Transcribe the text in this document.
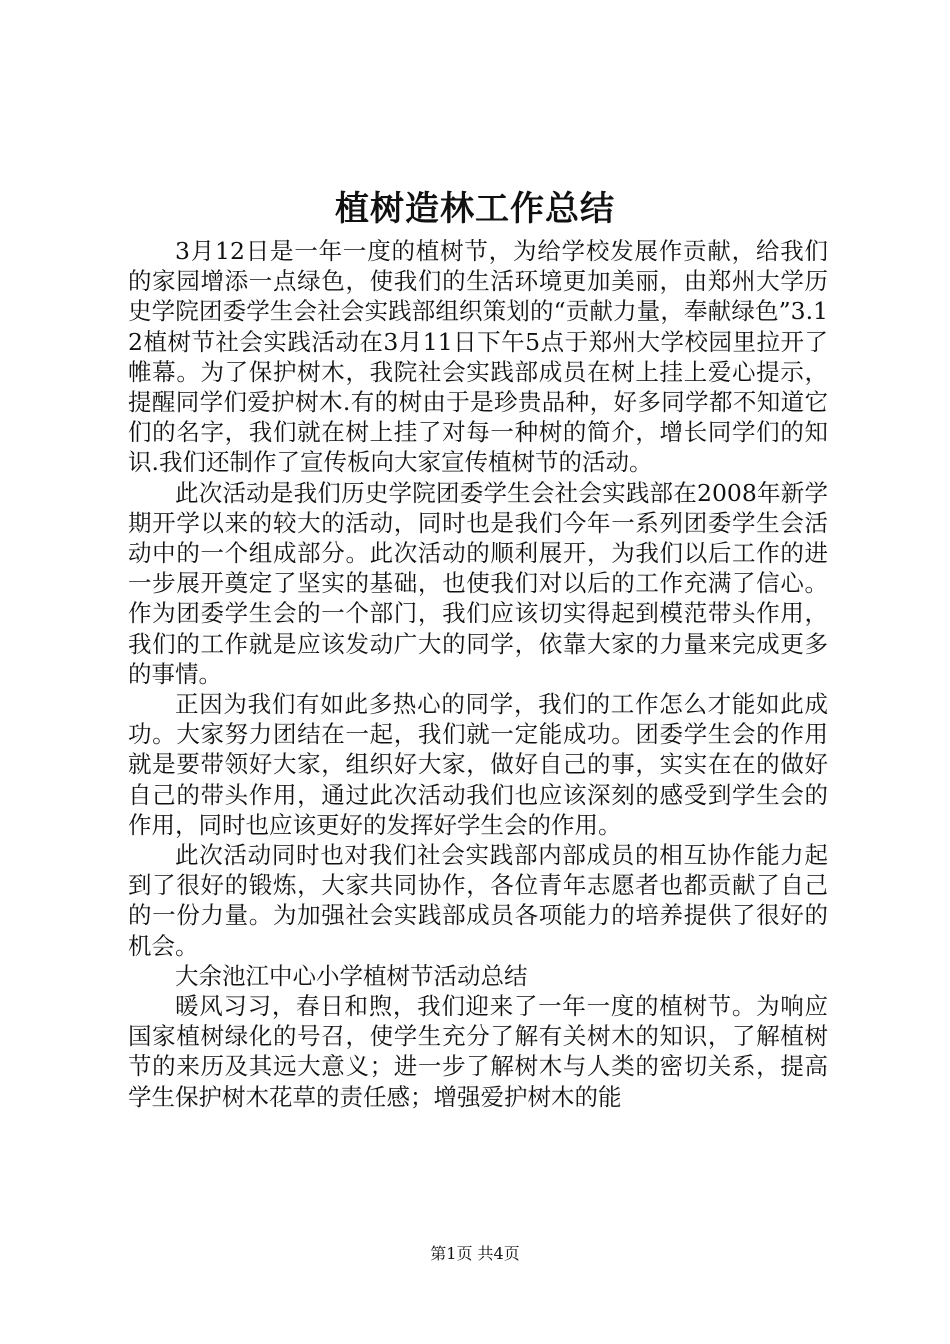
植树造林工作总结

3月12日是一年一度的植树节，为给学校发展作贡献，给我们的家园增添一点绿色，使我们的生活环境更加美丽，由郑州大学历史学院团委学生会社会实践部组织策划的“贡献力量，奉献绿色”3.12植树节社会实践活动在3月11日下午5点于郑州大学校园里拉开了帷幕。为了保护树木，我院社会实践部成员在树上挂上爱心提示，提醒同学们爱护树木.有的树由于是珍贵品种，好多同学都不知道它们的名字，我们就在树上挂了对每一种树的简介，增长同学们的知识.我们还制作了宣传板向大家宣传植树节的活动。

此次活动是我们历史学院团委学生会社会实践部在2008年新学期开学以来的较大的活动，同时也是我们今年一系列团委学生会活动中的一个组成部分。此次活动的顺利展开，为我们以后工作的进一步展开奠定了坚实的基础，也使我们对以后的工作充满了信心。作为团委学生会的一个部门，我们应该切实得起到模范带头作用，我们的工作就是应该发动广大的同学，依靠大家的力量来完成更多的事情。

正因为我们有如此多热心的同学，我们的工作怎么才能如此成功。大家努力团结在一起，我们就一定能成功。团委学生会的作用就是要带领好大家，组织好大家，做好自己的事，实实在在的做好自己的带头作用，通过此次活动我们也应该深刻的感受到学生会的作用，同时也应该更好的发挥好学生会的作用。

此次活动同时也对我们社会实践部内部成员的相互协作能力起到了很好的锻炼，大家共同协作，各位青年志愿者也都贡献了自己的一份力量。为加强社会实践部成员各项能力的培养提供了很好的机会。

大余池江中心小学植树节活动总结

暖风习习，春日和煦，我们迎来了一年一度的植树节。为响应国家植树绿化的号召，使学生充分了解有关树木的知识，了解植树节的来历及其远大意义；进一步了解树木与人类的密切关系，提高学生保护树木花草的责任感；增强爱护树木的能

第1页 共4页
